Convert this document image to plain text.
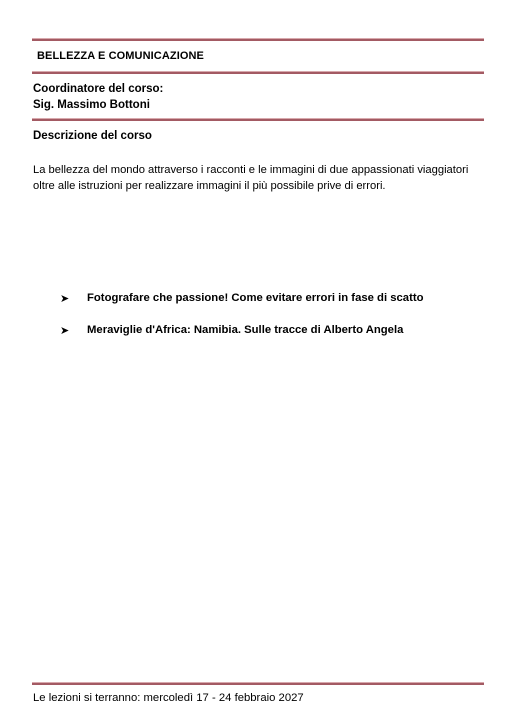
BELLEZZA E COMUNICAZIONE
Coordinatore del corso:
Sig. Massimo Bottoni
Descrizione del corso
La bellezza del mondo attraverso i racconti e le immagini di due appassionati viaggiatori oltre alle istruzioni per realizzare immagini il più possibile prive di errori.
➤	Fotografare che passione! Come evitare errori in fase di scatto
➤	Meraviglie d'Africa: Namibia. Sulle tracce di Alberto Angela
Le lezioni si terranno: mercoledì 17 - 24 febbraio 2027
